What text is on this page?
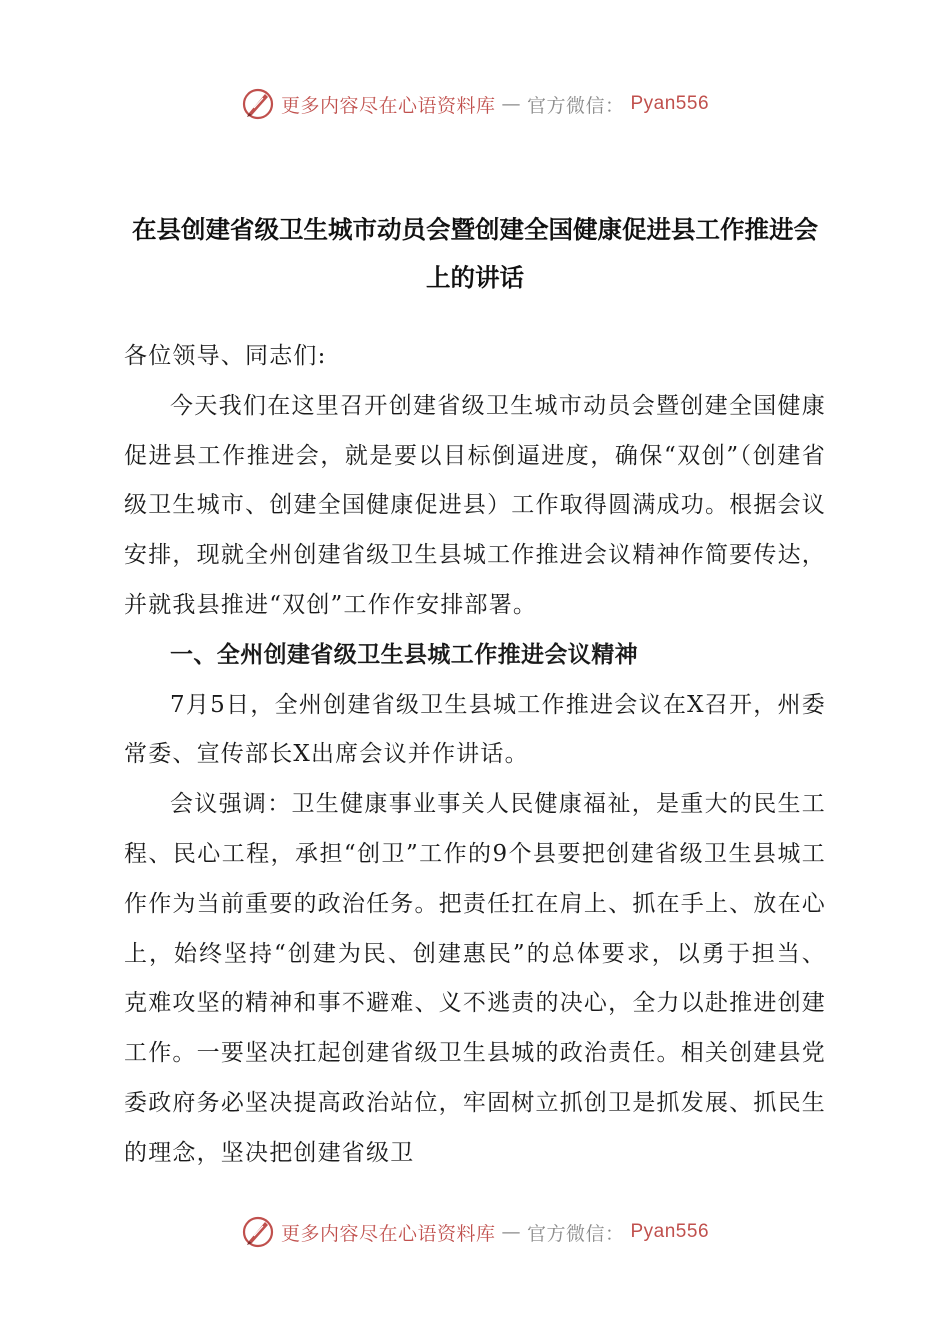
更多内容尽在心语资料库 — 官方微信： Pyan556
在县创建省级卫生城市动员会暨创建全国健康促进县工作推进会上的讲话

各位领导、同志们:

今天我们在这里召开创建省级卫生城市动员会暨创建全国健康促进县工作推进会，就是要以目标倒逼进度，确保“双创”（创建省级卫生城市、创建全国健康促进县）工作取得圆满成功。根据会议安排，现就全州创建省级卫生县城工作推进会议精神作简要传达，并就我县推进“双创”工作作安排部署。

一、全州创建省级卫生县城工作推进会议精神

7月5日，全州创建省级卫生县城工作推进会议在X召开，州委常委、宣传部长X出席会议并作讲话。

会议强调：卫生健康事业事关人民健康福祉，是重大的民生工程、民心工程，承担“创卫”工作的9个县要把创建省级卫生县城工作作为当前重要的政治任务。把责任扛在肩上、抓在手上、放在心上，始终坚持“创建为民、创建惠民”的总体要求，以勇于担当、克难攻坚的精神和事不避难、义不逃责的决心，全力以赴推进创建工作。一要坚决扛起创建省级卫生县城的政治责任。相关创建县党委政府务必坚决提高政治站位，牢固树立抓创卫是抓发展、抓民生的理念，坚决把创建省级卫

更多内容尽在心语资料库 — 官方微信： Pyan556
